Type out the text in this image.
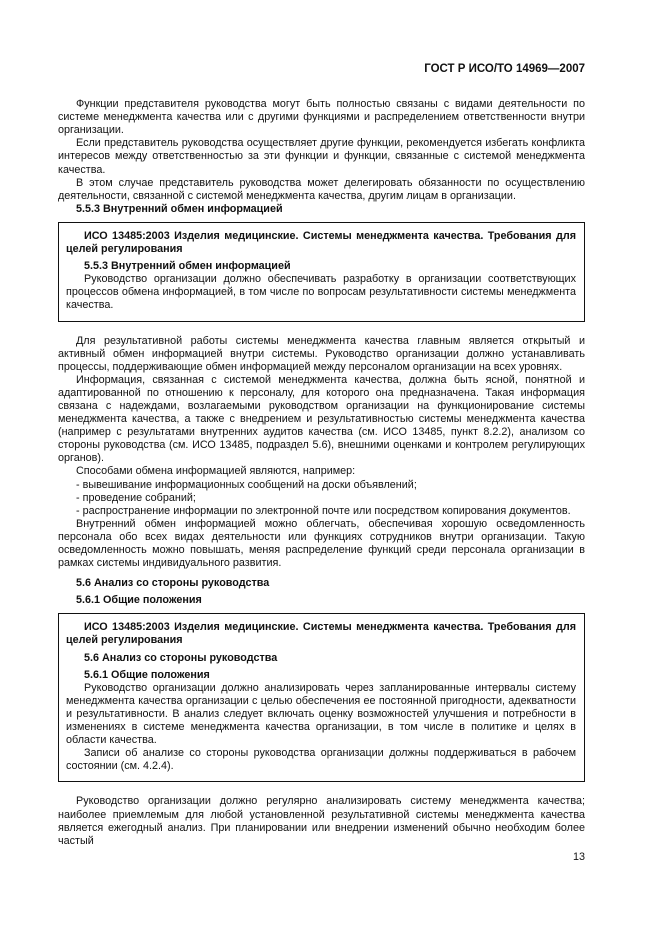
ГОСТ Р ИСО/ТО 14969—2007

Функции представителя руководства могут быть полностью связаны с видами деятельности по системе менеджмента качества или с другими функциями и распределением ответственности внутри организации.

Если представитель руководства осуществляет другие функции, рекомендуется избегать конфликта интересов между ответственностью за эти функции и функции, связанные с системой менеджмента качества.

В этом случае представитель руководства может делегировать обязанности по осуществлению деятельности, связанной с системой менеджмента качества, другим лицам в организации.

5.5.3 Внутренний обмен информацией

ИСО 13485:2003 Изделия медицинские. Системы менеджмента качества. Требования для целей регулирования

5.5.3 Внутренний обмен информацией

Руководство организации должно обеспечивать разработку в организации соответствующих процессов обмена информацией, в том числе по вопросам результативности системы менеджмента качества.

Для результативной работы системы менеджмента качества главным является открытый и активный обмен информацией внутри системы. Руководство организации должно устанавливать процессы, поддерживающие обмен информацией между персоналом организации на всех уровнях.

Информация, связанная с системой менеджмента качества, должна быть ясной, понятной и адаптированной по отношению к персоналу, для которого она предназначена. Такая информация связана с надеждами, возлагаемыми руководством организации на функционирование системы менеджмента качества, а также с внедрением и результативностью системы менеджмента качества (например с результатами внутренних аудитов качества (см. ИСО 13485, пункт 8.2.2), анализом со стороны руководства (см. ИСО 13485, подраздел 5.6), внешними оценками и контролем регулирующих органов).

Способами обмена информацией являются, например:

- вывешивание информационных сообщений на доски объявлений;
- проведение собраний;
- распространение информации по электронной почте или посредством копирования документов.

Внутренний обмен информацией можно облегчать, обеспечивая хорошую осведомленность персонала обо всех видах деятельности или функциях сотрудников внутри организации. Такую осведомленность можно повышать, меняя распределение функций среди персонала организации в рамках системы индивидуального развития.

5.6 Анализ со стороны руководства

5.6.1 Общие положения

ИСО 13485:2003 Изделия медицинские. Системы менеджмента качества. Требования для целей регулирования

5.6 Анализ со стороны руководства

5.6.1 Общие положения

Руководство организации должно анализировать через запланированные интервалы систему менеджмента качества организации с целью обеспечения ее постоянной пригодности, адекватности и результативности. В анализ следует включать оценку возможностей улучшения и потребности в изменениях в системе менеджмента качества организации, в том числе в политике и целях в области качества.

Записи об анализе со стороны руководства организации должны поддерживаться в рабочем состоянии (см. 4.2.4).

Руководство организации должно регулярно анализировать систему менеджмента качества; наиболее приемлемым для любой установленной результативной системы менеджмента качества является ежегодный анализ. При планировании или внедрении изменений обычно необходим более частый

13
